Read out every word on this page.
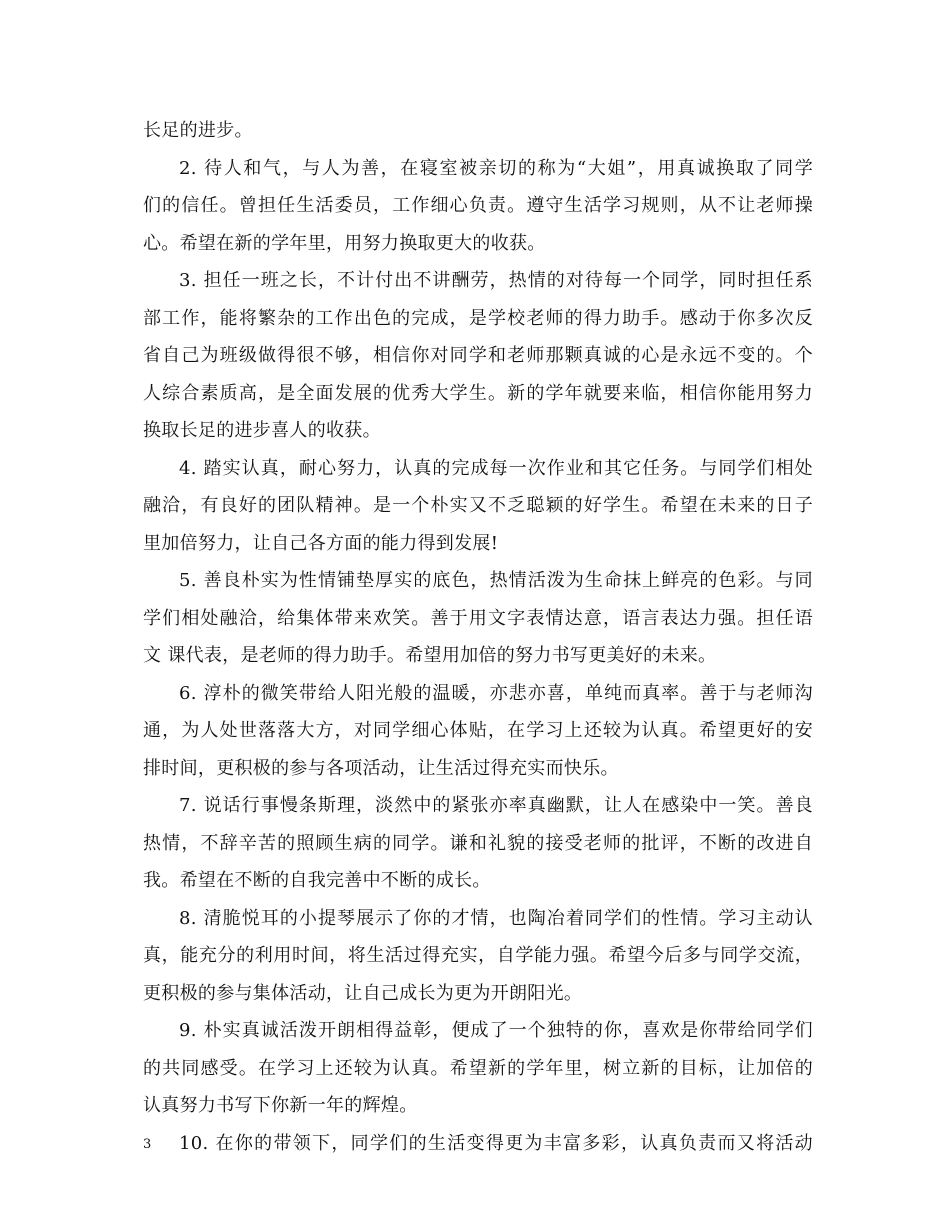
长足的进步。
2. 待人和气，与人为善，在寝室被亲切的称为“大姐”，用真诚换取了同学
们的信任。曾担任生活委员，工作细心负责。遵守生活学习规则，从不让老师操
心。希望在新的学年里，用努力换取更大的收获。
3. 担任一班之长，不计付出不讲酬劳，热情的对待每一个同学，同时担任系
部工作，能将繁杂的工作出色的完成，是学校老师的得力助手。感动于你多次反
省自己为班级做得很不够，相信你对同学和老师那颗真诚的心是永远不变的。个
人综合素质高，是全面发展的优秀大学生。新的学年就要来临，相信你能用努力
换取长足的进步喜人的收获。
4. 踏实认真，耐心努力，认真的完成每一次作业和其它任务。与同学们相处
融洽，有良好的团队精神。是一个朴实又不乏聪颖的好学生。希望在未来的日子
里加倍努力，让自己各方面的能力得到发展!
5. 善良朴实为性情铺垫厚实的底色，热情活泼为生命抹上鲜亮的色彩。与同
学们相处融洽，给集体带来欢笑。善于用文字表情达意，语言表达力强。担任语
文 课代表，是老师的得力助手。希望用加倍的努力书写更美好的未来。
6. 淳朴的微笑带给人阳光般的温暖，亦悲亦喜，单纯而真率。善于与老师沟
通，为人处世落落大方，对同学细心体贴，在学习上还较为认真。希望更好的安
排时间，更积极的参与各项活动，让生活过得充实而快乐。
7. 说话行事慢条斯理，淡然中的紧张亦率真幽默，让人在感染中一笑。善良
热情，不辞辛苦的照顾生病的同学。谦和礼貌的接受老师的批评，不断的改进自
我。希望在不断的自我完善中不断的成长。
8. 清脆悦耳的小提琴展示了你的才情，也陶冶着同学们的性情。学习主动认
真，能充分的利用时间，将生活过得充实，自学能力强。希望今后多与同学交流，
更积极的参与集体活动，让自己成长为更为开朗阳光。
9. 朴实真诚活泼开朗相得益彰，便成了一个独特的你，喜欢是你带给同学们
的共同感受。在学习上还较为认真。希望新的学年里，树立新的目标，让加倍的
认真努力书写下你新一年的辉煌。
10. 在你的带领下，同学们的生活变得更为丰富多彩，认真负责而又将活动
3
